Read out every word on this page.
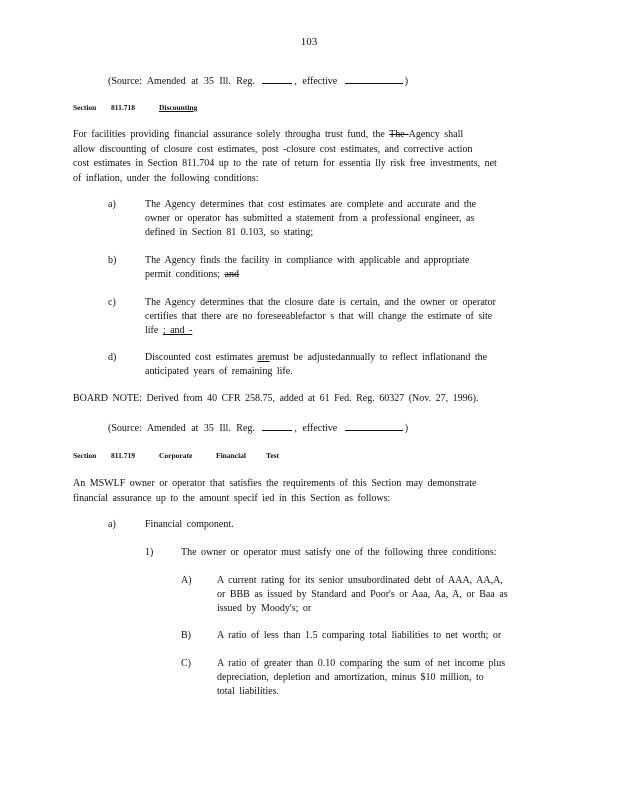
103
(Source: Amended at 35 Ill. Reg.	, effective	)
Section 811.718	Discounting
For facilities providing financial assurance solely througha trust fund, the The Agency shall
allow discounting of closure cost estimates, post -closure cost estimates, and corrective action
cost estimates in Section 811.704 up to the rate of return for essentia lly risk free investments, net
of inflation, under the following conditions:
a)	The Agency determines that cost estimates are complete and accurate and the
owner or operator has submitted a statement from a professional engineer, as
defined in Section 81 0.103, so stating;
b)	The Agency finds the facility in compliance with applicable and appropriate
permit conditions; and
c)	The Agency determines that the closure date is certain, and the owner or operator
certifies that there are no foreseeablefactor s that will change the estimate of site
life ; and -
d)	Discounted cost estimates aremust be adjustedannually to reflect inflationand the
anticipated years of remaining life.
BOARD NOTE: Derived from 40 CFR 258.75, added at 61 Fed. Reg. 60327 (Nov. 27, 1996).
(Source: Amended at 35 Ill. Reg.	, effective	)
Section 811.719	Corporate	Financial	Test
An MSWLF owner or operator that satisfies the requirements of this Section may demonstrate
financial assurance up to the amount specif ied in this Section as follows:
a)	Financial component.
1)	The owner or operator must satisfy one of the following three conditions:
A)	A current rating for its senior unsubordinated debt of AAA, AA,A,
or BBB as issued by Standard and Poor's or Aaa, Aa, A, or Baa as
issued by Moody's; or
B)	A ratio of less than 1.5 comparing total liabilities to net worth; or
C)	A ratio of greater than 0.10 comparing the sum of net income plus
depreciation, depletion and amortization, minus $10 million, to
total liabilities.
